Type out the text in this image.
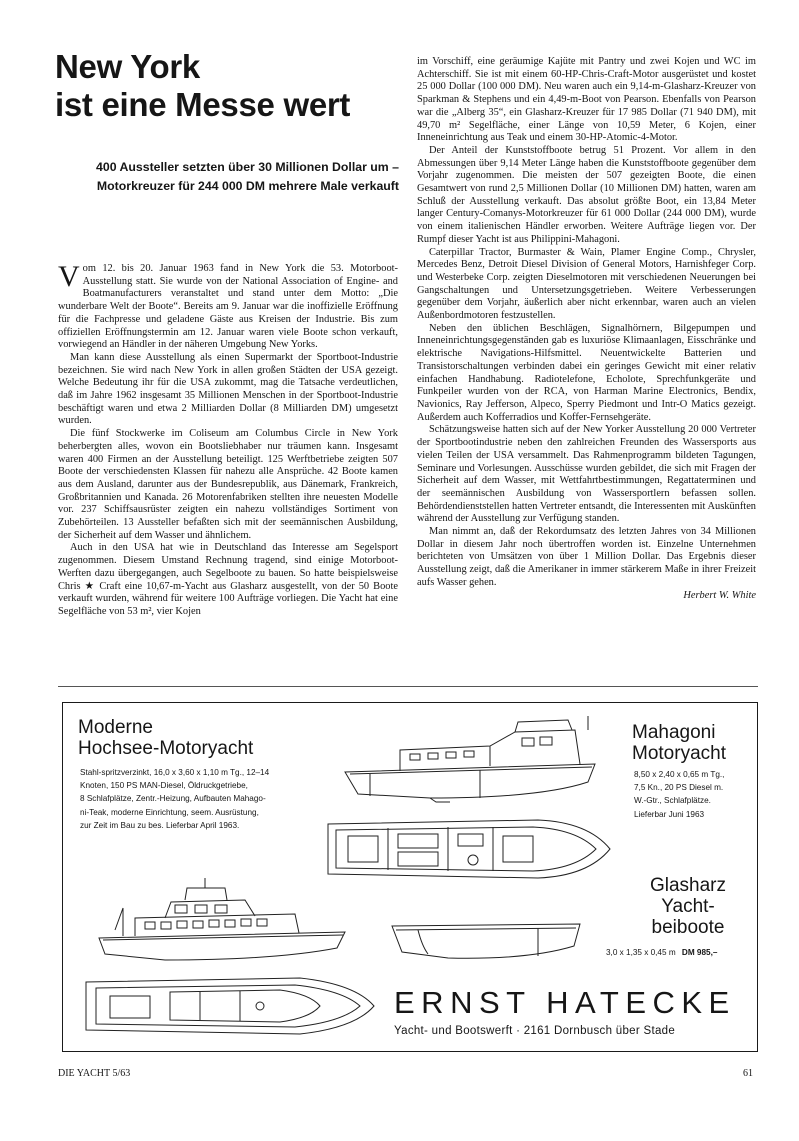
New York
ist eine Messe wert
400 Aussteller setzten über 30 Millionen Dollar um –
Motorkreuzer für 244 000 DM mehrere Male verkauft

Vom 12. bis 20. Januar 1963 fand in New York die 53. Motorboot-Ausstellung statt. Sie wurde von der National Association of Engine- and Boatmanufacturers veranstaltet und stand unter dem Motto: „Die wunderbare Welt der Boote“. Bereits am 9. Januar war die inoffizielle Eröffnung für die Fachpresse und geladene Gäste aus Kreisen der Industrie. Bis zum offiziellen Eröffnungstermin am 12. Januar waren viele Boote schon verkauft, vorwiegend an Händler in der näheren Umgebung New Yorks.

Man kann diese Ausstellung als einen Supermarkt der Sportboot-Industrie bezeichnen. Sie wird nach New York in allen großen Städten der USA gezeigt. Welche Bedeutung ihr für die USA zukommt, mag die Tatsache verdeutlichen, daß im Jahre 1962 insgesamt 35 Millionen Menschen in der Sportboot-Industrie beschäftigt waren und etwa 2 Milliarden Dollar (8 Milliarden DM) umgesetzt wurden.

Die fünf Stockwerke im Coliseum am Columbus Circle in New York beherbergten alles, wovon ein Bootsliebhaber nur träumen kann. Insgesamt waren 400 Firmen an der Ausstellung beteiligt. 125 Werftbetriebe zeigten 507 Boote der verschiedensten Klassen für nahezu alle Ansprüche. 42 Boote kamen aus dem Ausland, darunter aus der Bundesrepublik, aus Dänemark, Frankreich, Großbritannien und Kanada. 26 Motorenfabriken stellten ihre neuesten Modelle vor. 237 Schiffsausrüster zeigten ein nahezu vollständiges Sortiment von Zubehörteilen. 13 Aussteller befaßten sich mit der seemännischen Ausbildung, der Sicherheit auf dem Wasser und ähnlichem.

Auch in den USA hat wie in Deutschland das Interesse am Segelsport zugenommen. Diesem Umstand Rechnung tragend, sind einige Motorboot-Werften dazu übergegangen, auch Segelboote zu bauen. So hatte beispielsweise Chris ★ Craft eine 10,67-m-Yacht aus Glasharz ausgestellt, von der 50 Boote verkauft wurden, während für weitere 100 Aufträge vorliegen. Die Yacht hat eine Segelfläche von 53 m², vier Kojen

im Vorschiff, eine geräumige Kajüte mit Pantry und zwei Kojen und WC im Achterschiff. Sie ist mit einem 60-HP-Chris-Craft-Motor ausgerüstet und kostet 25 000 Dollar (100 000 DM). Neu waren auch ein 9,14-m-Glasharz-Kreuzer von Sparkman & Stephens und ein 4,49-m-Boot von Pearson. Ebenfalls von Pearson war die „Alberg 35“, ein Glasharz-Kreuzer für 17 985 Dollar (71 940 DM), mit 49,70 m² Segelfläche, einer Länge von 10,59 Meter, 6 Kojen, einer Inneneinrichtung aus Teak und einem 30-HP-Atomic-4-Motor.

Der Anteil der Kunststoffboote betrug 51 Prozent. Vor allem in den Abmessungen über 9,14 Meter Länge haben die Kunststoffboote gegenüber dem Vorjahr zugenommen. Die meisten der 507 gezeigten Boote, die einen Gesamtwert von rund 2,5 Millionen Dollar (10 Millionen DM) hatten, waren am Schluß der Ausstellung verkauft. Das absolut größte Boot, ein 13,84 Meter langer Century-Comanys-Motorkreuzer für 61 000 Dollar (244 000 DM), wurde von einem italienischen Händler erworben. Weitere Aufträge liegen vor. Der Rumpf dieser Yacht ist aus Philippini-Mahagoni.

Caterpillar Tractor, Burmaster & Wain, Plamer Engine Comp., Chrysler, Mercedes Benz, Detroit Diesel Division of General Motors, Harnishfeger Corp. und Westerbeke Corp. zeigten Dieselmotoren mit verschiedenen Neuerungen bei Gangschaltungen und Untersetzungsgetrieben. Weitere Verbesserungen gegenüber dem Vorjahr, äußerlich aber nicht erkennbar, waren auch an vielen Außenbordmotoren festzustellen.

Neben den üblichen Beschlägen, Signalhörnern, Bilgepumpen und Inneneinrichtungsgegenständen gab es luxuriöse Klimaanlagen, Eisschränke und elektrische Navigations-Hilfsmittel. Neuentwickelte Batterien und Transistorschaltungen verbinden dabei ein geringes Gewicht mit einer relativ einfachen Handhabung. Radiotelefone, Echolote, Sprechfunkgeräte und Funkpeiler wurden von der RCA, von Harman Marine Electronics, Bendix, Navionics, Ray Jefferson, Alpeco, Sperry Piedmont und Intr-O Matics gezeigt. Außerdem auch Kofferradios und Koffer-Fernsehgeräte.

Schätzungsweise hatten sich auf der New Yorker Ausstellung 20 000 Vertreter der Sportbootindustrie neben den zahlreichen Freunden des Wassersports aus vielen Teilen der USA versammelt. Das Rahmenprogramm bildeten Tagungen, Seminare und Vorlesungen. Ausschüsse wurden gebildet, die sich mit Fragen der Sicherheit auf dem Wasser, mit Wettfahrtbestimmungen, Regattaterminen und der seemännischen Ausbildung von Wassersportlern befassen sollen. Behördendienststellen hatten Vertreter entsandt, die Interessenten mit Auskünften während der Ausstellung zur Verfügung standen.

Man nimmt an, daß der Rekordumsatz des letzten Jahres von 34 Millionen Dollar in diesem Jahr noch übertroffen worden ist. Einzelne Unternehmen berichteten von Umsätzen von über 1 Million Dollar. Das Ergebnis dieser Ausstellung zeigt, daß die Amerikaner in immer stärkerem Maße in ihrer Freizeit aufs Wasser gehen.

Herbert W. White
Moderne
Hochsee-Motoryacht
Stahl-spritzverzinkt, 16,0 x 3,60 x 1,10 m Tg., 12–14
Knoten, 150 PS MAN-Diesel, Öldruckgetriebe,
8 Schlafplätze, Zentr.-Heizung, Aufbauten Mahago-
ni-Teak, moderne Einrichtung, seem. Ausrüstung,
zur Zeit im Bau zu bes. Lieferbar April 1963.
Mahagoni
Motoryacht
8,50 x 2,40 x 0,65 m Tg.,
7,5 Kn., 20 PS Diesel m.
W.-Gtr., Schlafplätze.
Lieferbar Juni 1963
Glasharz
Yacht-
beiboote
3,0 x 1,35 x 0,45 m DM 985,–
ERNST HATECKE
Yacht- und Bootswerft · 2161 Dornbusch über Stade
DIE YACHT 5/63	61
